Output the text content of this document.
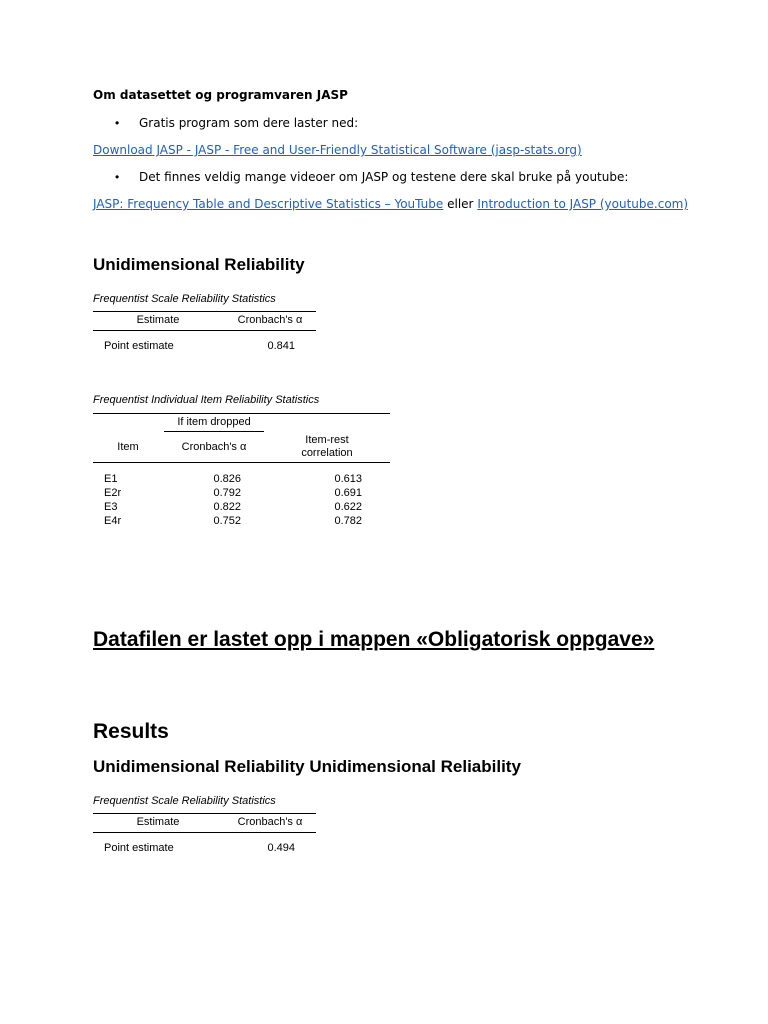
Om datasettet og programvaren JASP
• Gratis program som dere laster ned:
Download JASP - JASP - Free and User-Friendly Statistical Software (jasp-stats.org)
• Det finnes veldig mange videoer om JASP og testene dere skal bruke på youtube:
JASP: Frequency Table and Descriptive Statistics – YouTube eller Introduction to JASP (youtube.com)
Unidimensional Reliability
Frequentist Scale Reliability Statistics
Estimate	Cronbach's α
Point estimate	0.841
Frequentist Individual Item Reliability Statistics
If item dropped
Item	Cronbach's α
Item-rest
correlation
E1	0.826	0.613
E2r	0.792	0.691
E3	0.822	0.622
E4r	0.752	0.782
Datafilen er lastet opp i mappen «Obligatorisk oppgave»
Results
Unidimensional Reliability Unidimensional Reliability
Frequentist Scale Reliability Statistics
Estimate	Cronbach's α
Point estimate	0.494
